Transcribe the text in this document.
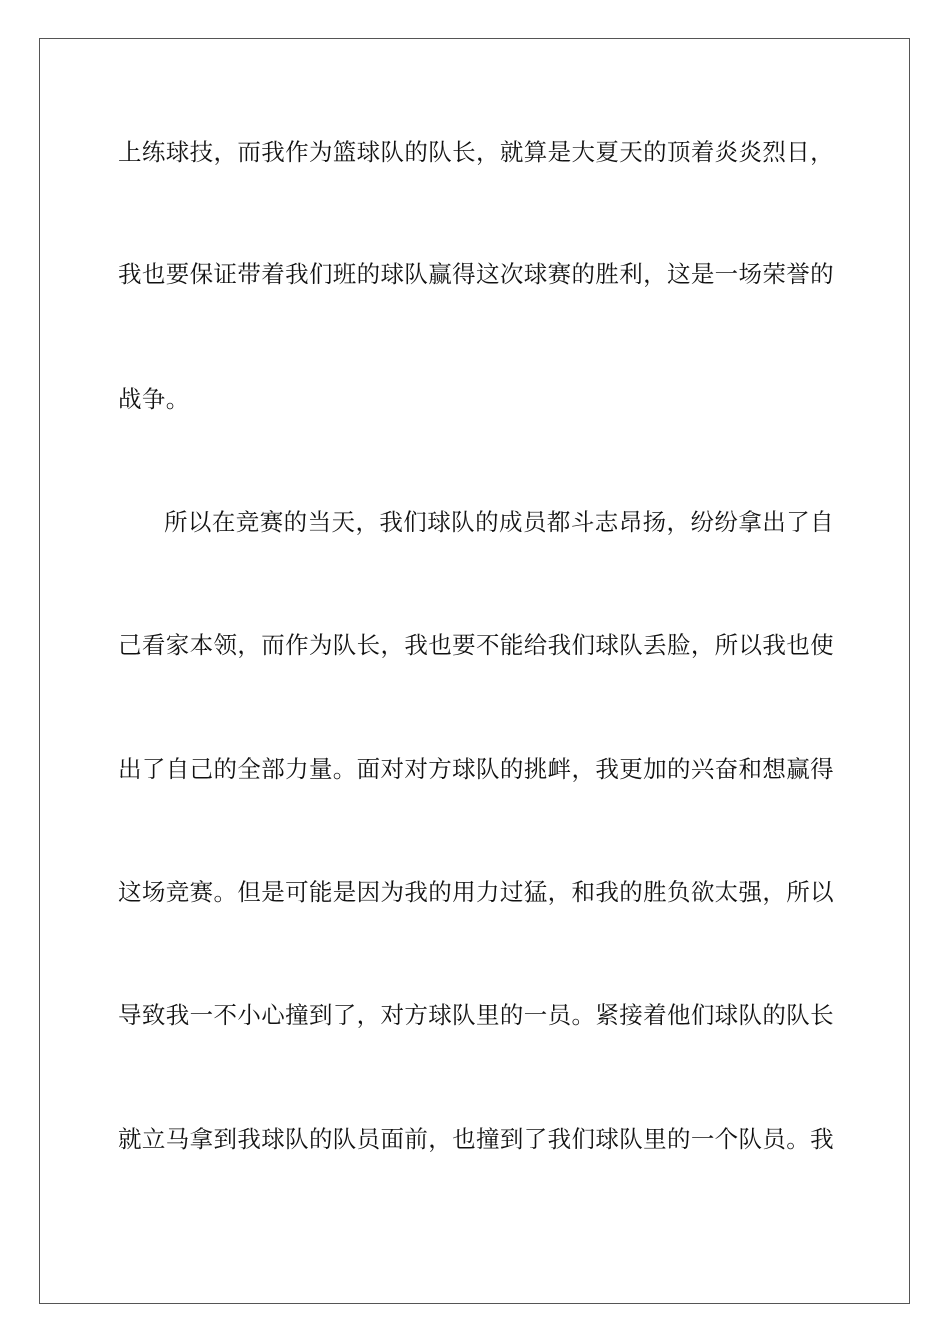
上练球技，而我作为篮球队的队长，就算是大夏天的顶着炎炎烈日，
我也要保证带着我们班的球队赢得这次球赛的胜利，这是一场荣誉的
战争。
所以在竞赛的当天，我们球队的成员都斗志昂扬，纷纷拿出了自
己看家本领，而作为队长，我也要不能给我们球队丢脸，所以我也使
出了自己的全部力量。面对对方球队的挑衅，我更加的兴奋和想赢得
这场竞赛。但是可能是因为我的用力过猛，和我的胜负欲太强，所以
导致我一不小心撞到了，对方球队里的一员。紧接着他们球队的队长
就立马拿到我球队的队员面前，也撞到了我们球队里的一个队员。我
